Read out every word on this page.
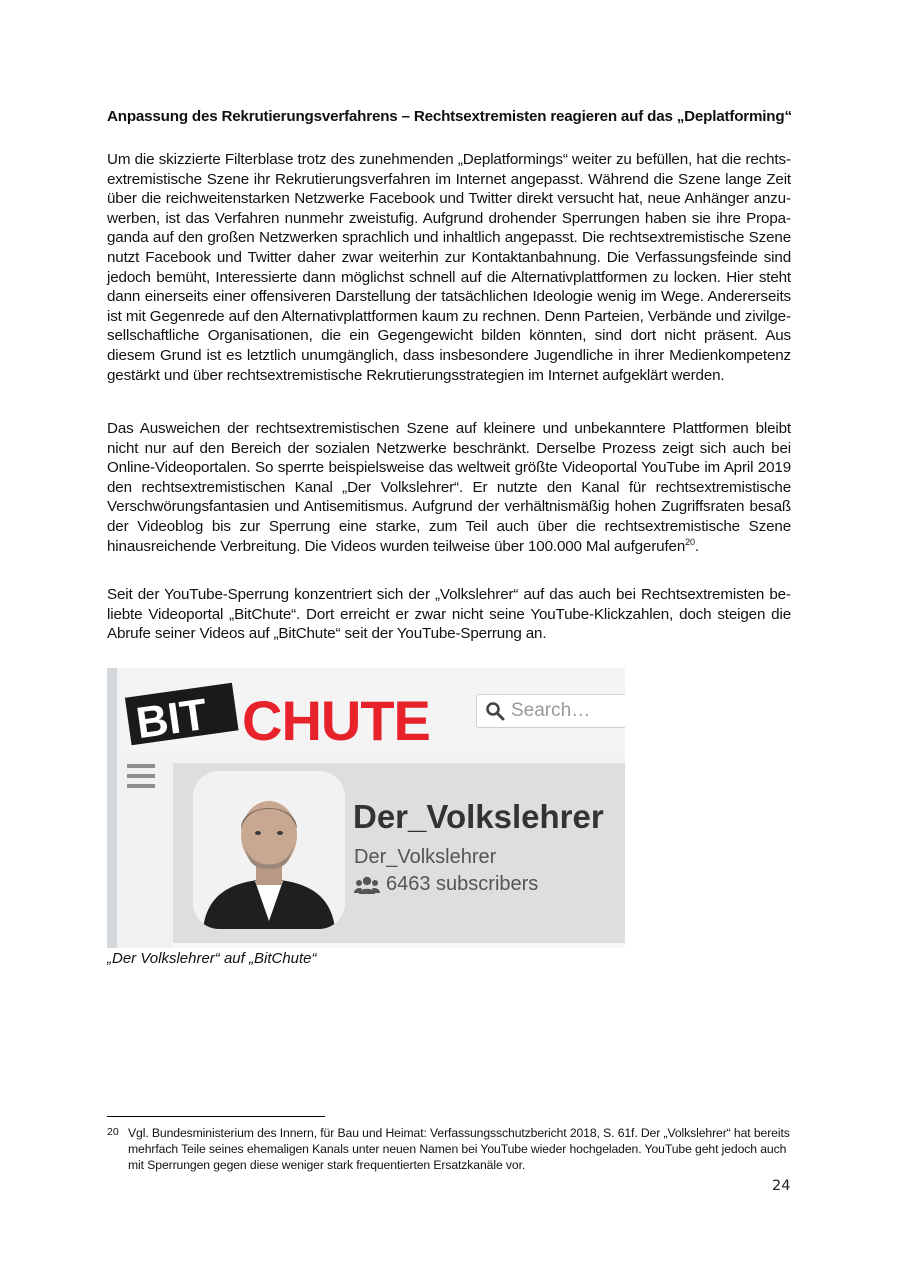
Anpassung des Rekrutierungsverfahrens – Rechtsextremisten reagieren auf das „Deplatforming“
Um die skizzierte Filterblase trotz des zunehmenden „Deplatformings“ weiter zu befüllen, hat die rechtsextremistische Szene ihr Rekrutierungsverfahren im Internet angepasst. Während die Szene lange Zeit über die reichweitenstarken Netzwerke Facebook und Twitter direkt versucht hat, neue Anhänger anzuwerben, ist das Verfahren nunmehr zweistufig. Aufgrund drohender Sperrungen haben sie ihre Propaganda auf den großen Netzwerken sprachlich und inhaltlich angepasst. Die rechtsextremistische Szene nutzt Facebook und Twitter daher zwar weiterhin zur Kontaktanbahnung. Die Verfassungsfeinde sind jedoch bemüht, Interessierte dann möglichst schnell auf die Alternativplattformen zu locken. Hier steht dann einerseits einer offensiveren Darstellung der tatsächlichen Ideologie wenig im Wege. Andererseits ist mit Gegenrede auf den Alternativplattformen kaum zu rechnen. Denn Parteien, Verbände und zivilgesellschaftliche Organisationen, die ein Gegengewicht bilden könnten, sind dort nicht präsent. Aus diesem Grund ist es letztlich unumgänglich, dass insbesondere Jugendliche in ihrer Medienkompetenz gestärkt und über rechtsextremistische Rekrutierungsstrategien im Internet aufgeklärt werden.
Das Ausweichen der rechtsextremistischen Szene auf kleinere und unbekanntere Plattformen bleibt nicht nur auf den Bereich der sozialen Netzwerke beschränkt. Derselbe Prozess zeigt sich auch bei Online-Videoportalen. So sperrte beispielsweise das weltweit größte Videoportal YouTube im April 2019 den rechtsextremistischen Kanal „Der Volkslehrer“. Er nutzte den Kanal für rechtsextremistische Verschwörungsfantasien und Antisemitismus. Aufgrund der verhältnismäßig hohen Zugriffsraten besaß der Videoblog bis zur Sperrung eine starke, zum Teil auch über die rechtsextremistische Szene hinausreichende Verbreitung. Die Videos wurden teilweise über 100.000 Mal aufgerufen$^{20}$.
Seit der YouTube-Sperrung konzentriert sich der „Volkslehrer“ auf das auch bei Rechtsextremisten beliebte Videoportal „BitChute“. Dort erreicht er zwar nicht seine YouTube-Klickzahlen, doch steigen die Abrufe seiner Videos auf „BitChute“ seit der YouTube-Sperrung an.
BITCHUTE
BIT CHUTE	Search…
Der_Volkslehrer
Der_Volkslehrer
6463 subscribers
„Der Volkslehrer“ auf „BitChute“
20 Vgl. Bundesministerium des Innern, für Bau und Heimat: Verfassungsschutzbericht 2018, S. 61f. Der „Volkslehrer“ hat bereits mehrfach Teile seines ehemaligen Kanals unter neuen Namen bei YouTube wieder hochgeladen. YouTube geht jedoch auch mit Sperrungen gegen diese weniger stark frequentierten Ersatzkanäle vor.
24
